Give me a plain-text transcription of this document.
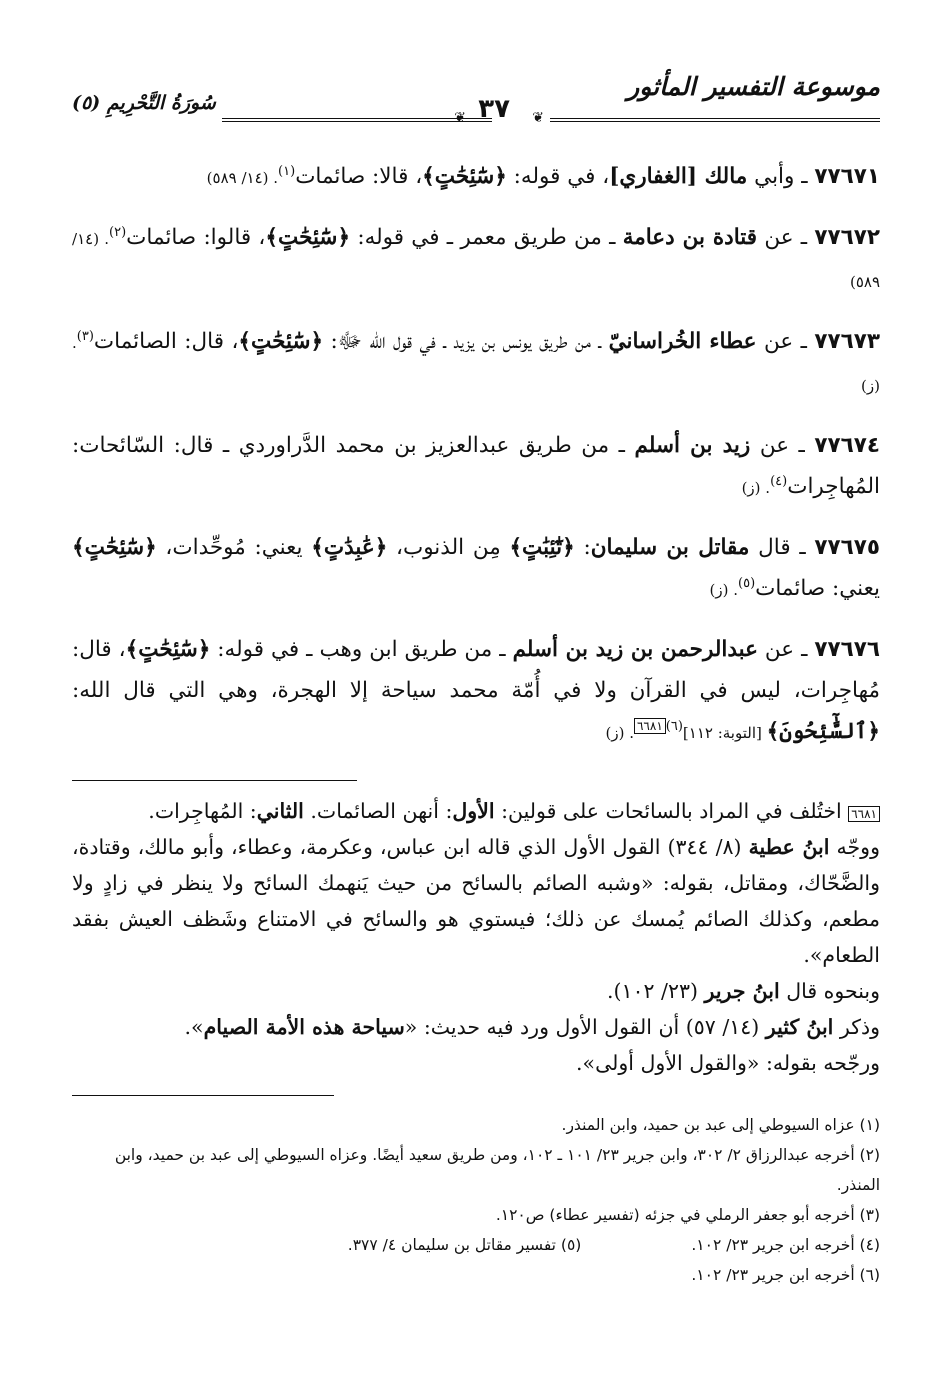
موسوعة التفسير المأثور
❦
٣٧
❦
سُورَةُ التَّحْرِيمِ (٥)

٧٧٦٧١ ـ وأبي مالك [الغفاري]، في قوله: ﴿سَٰٓئِحَٰتٍ﴾، قالا: صائمات$^{(١)}$. (١٤/ ٥٨٩)

٧٧٦٧٢ ـ عن قتادة بن دعامة ـ من طريق معمر ـ في قوله: ﴿سَٰٓئِحَٰتٍ﴾، قالوا: صائمات$^{(٢)}$. (١٤/ ٥٨٩)

٧٧٦٧٣ ـ عن عطاء الخُراسانيّ ـ من طريق يونس بن يزيد ـ في قول الله ﷻ: ﴿سَٰٓئِحَٰتٍ﴾، قال: الصائمات$^{(٣)}$. (ز)

٧٧٦٧٤ ـ عن زيد بن أسلم ـ من طريق عبدالعزيز بن محمد الدَّراوردي ـ قال: السّائحات: المُهاجِرات$^{(٤)}$. (ز)

٧٧٦٧٥ ـ قال مقاتل بن سليمان: ﴿تَٰٓئِبَٰتٍ﴾ مِن الذنوب، ﴿عَٰبِدَٰتٍ﴾ يعني: مُوحِّدات، ﴿سَٰٓئِحَٰتٍ﴾ يعني: صائمات$^{(٥)}$. (ز)

٧٧٦٧٦ ـ عن عبدالرحمن بن زيد بن أسلم ـ من طريق ابن وهب ـ في قوله: ﴿سَٰٓئِحَٰتٍ﴾، قال: مُهاجِرات، ليس في القرآن ولا في أُمّة محمد سياحة إلا الهجرة، وهي التي قال الله: ﴿ٱلسَّٰٓئِحُونَ﴾ [التوبة: ١١٢]$^{(٦)}$٦٦٨١. (ز)

٦٦٨١ اختُلف في المراد بالسائحات على قولين: الأول: أنهن الصائمات. الثاني: المُهاجِرات.

ووجّه ابنُ عطية (٨/ ٣٤٤) القول الأول الذي قاله ابن عباس، وعكرمة، وعطاء، وأبو مالك، وقتادة، والضَّحّاك، ومقاتل، بقوله: «وشبه الصائم بالسائح من حيث يَنهمك السائح ولا ينظر في زادٍ ولا مطعم، وكذلك الصائم يُمسك عن ذلك؛ فيستوي هو والسائح في الامتناع وشَظف العيش بفقد الطعام».

وبنحوه قال ابنُ جرير (٢٣/ ١٠٢).

وذكر ابنُ كثير (١٤/ ٥٧) أن القول الأول ورد فيه حديث: «سياحة هذه الأمة الصيام».

ورجّحه بقوله: «والقول الأول أولى».

(١) عزاه السيوطي إلى عبد بن حميد، وابن المنذر.

(٢) أخرجه عبدالرزاق ٢/ ٣٠٢، وابن جرير ٢٣/ ١٠١ ـ ١٠٢، ومن طريق سعيد أيضًا. وعزاه السيوطي إلى عبد بن حميد، وابن المنذر.

(٣) أخرجه أبو جعفر الرملي في جزئه (تفسير عطاء) ص١٢٠.

(٤) أخرجه ابن جرير ٢٣/ ١٠٢.

(٥) تفسير مقاتل بن سليمان ٤/ ٣٧٧.

(٦) أخرجه ابن جرير ٢٣/ ١٠٢.
